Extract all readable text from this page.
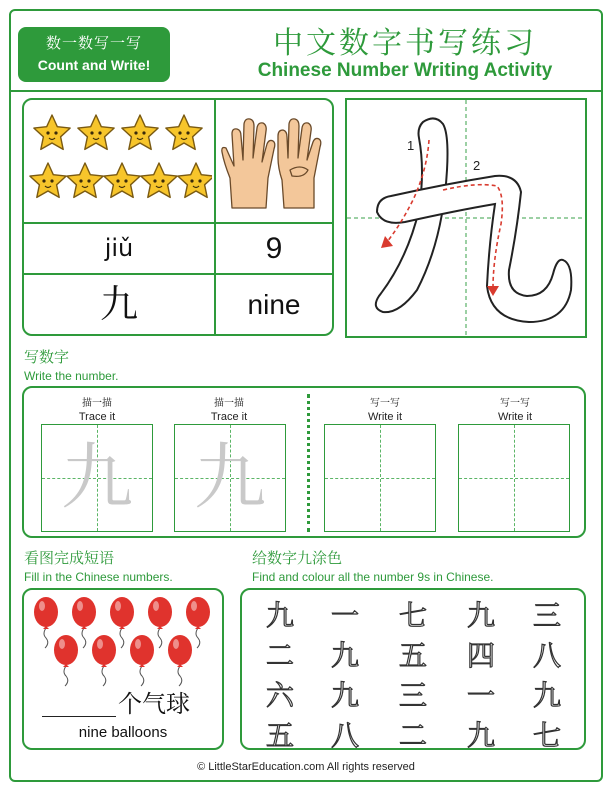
数一数写一写
Count and Write!
中文数字书写练习
Chinese Number Writing Activity
jiǔ	9
九	nine
1
2
写数字
Write the number.
描一描
Trace it
描一描
Trace it
写一写
Write it
写一写
Write it
九 九
看图完成短语
Fill in the Chinese numbers.
个气球
nine balloons
给数字九涂色
Find and colour all the number 9s in Chinese.
九	一	七	九	三
二	九	五	四	八
六	九	三	一	九
五	八	二	九	七
© LittleStarEducation.com All rights reserved
